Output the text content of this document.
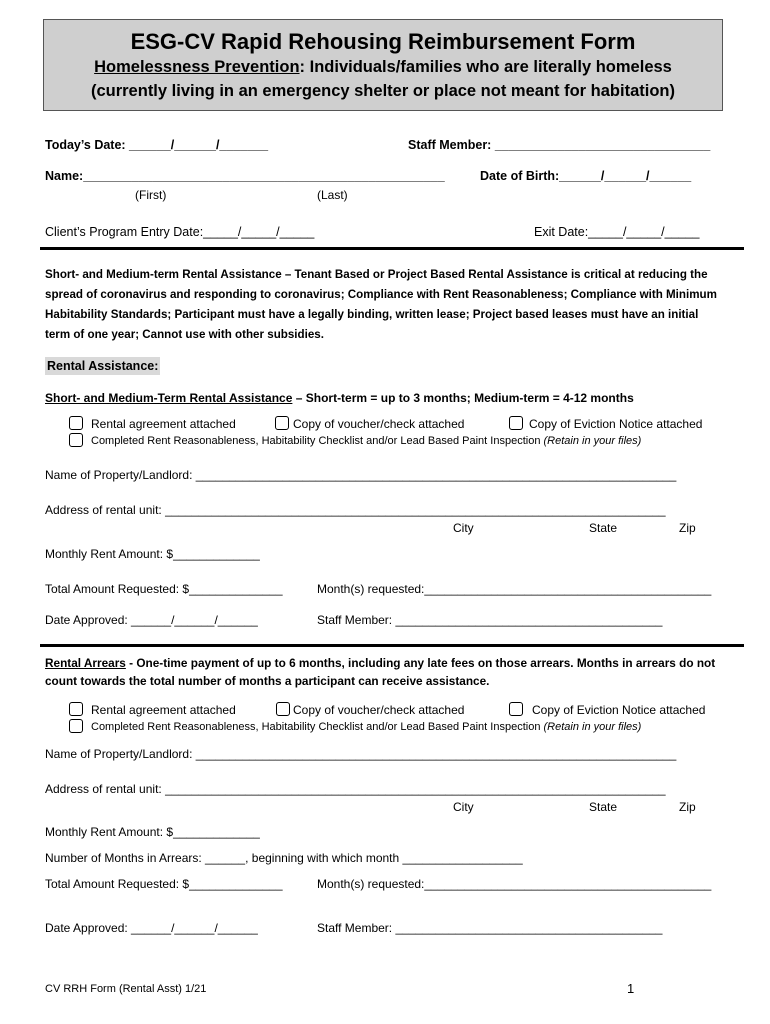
ESG-CV Rapid Rehousing Reimbursement Form
Homelessness Prevention: Individuals/families who are literally homeless
(currently living in an emergency shelter or place not meant for habitation)
Today’s Date: ______/______/_______	Staff Member: _______________________________
Name:____________________________________________________	Date of Birth:______/______/______
(First)	(Last)
Client’s Program Entry Date:_____/_____/_____	Exit Date:_____/_____/_____
Short- and Medium-term Rental Assistance – Tenant Based or Project Based Rental Assistance is critical at reducing the spread of coronavirus and responding to coronavirus; Compliance with Rent Reasonableness; Compliance with Minimum Habitability Standards; Participant must have a legally binding, written lease; Project based leases must have an initial term of one year; Cannot use with other subsidies.
Rental Assistance:
Short- and Medium-Term Rental Assistance – Short-term = up to 3 months; Medium-term = 4-12 months
Rental agreement attached	Copy of voucher/check attached	Copy of Eviction Notice attached
Completed Rent Reasonableness, Habitability Checklist and/or Lead Based Paint Inspection (Retain in your files)
Name of Property/Landlord: ________________________________________________________________________
Address of rental unit: ___________________________________________________________________________
City	State	Zip
Monthly Rent Amount: $_____________
Total Amount Requested: $______________	Month(s) requested:___________________________________________
Date Approved: ______/______/______	Staff Member: ________________________________________
Rental Arrears - One-time payment of up to 6 months, including any late fees on those arrears. Months in arrears do not count towards the total number of months a participant can receive assistance.
Rental agreement attached	Copy of voucher/check attached	Copy of Eviction Notice attached
Completed Rent Reasonableness, Habitability Checklist and/or Lead Based Paint Inspection (Retain in your files)
Name of Property/Landlord: ________________________________________________________________________
Address of rental unit: ___________________________________________________________________________
City	State	Zip
Monthly Rent Amount: $_____________
Number of Months in Arrears: ______, beginning with which month __________________
Total Amount Requested: $______________	Month(s) requested:___________________________________________
Date Approved: ______/______/______	Staff Member: ________________________________________
CV RRH Form (Rental Asst) 1/21	1
